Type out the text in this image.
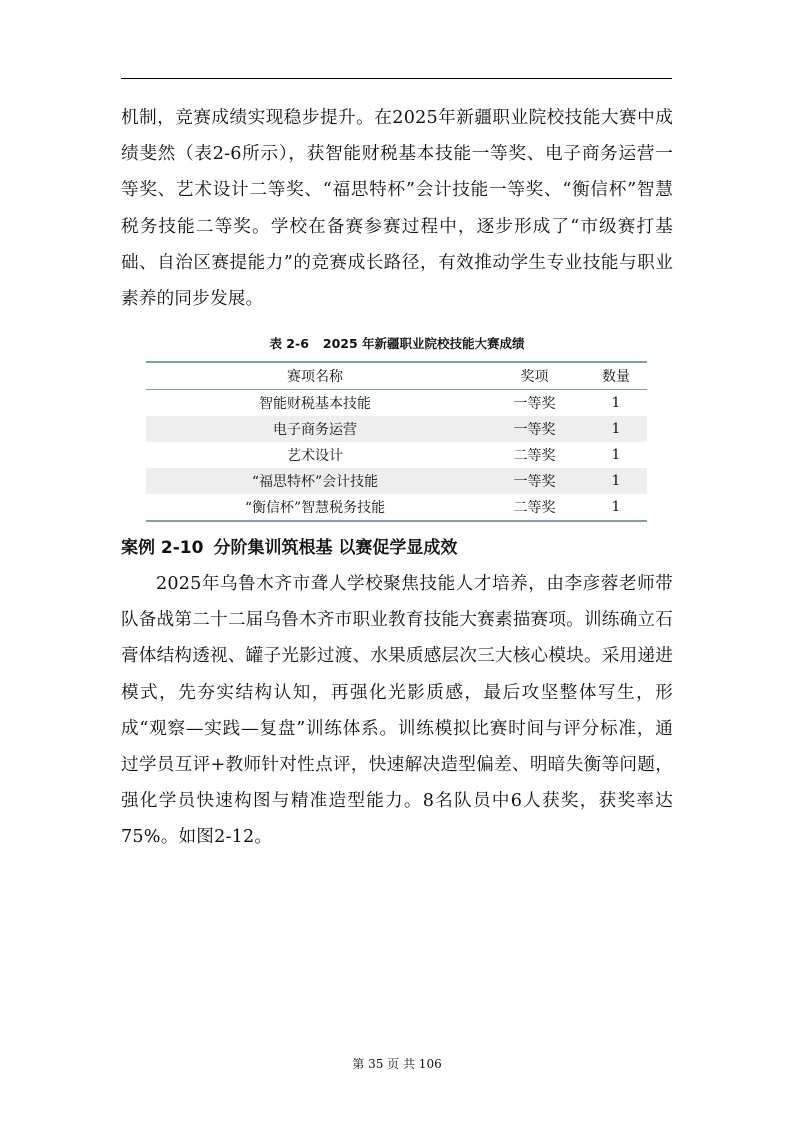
机制，竞赛成绩实现稳步提升。在2025年新疆职业院校技能大赛中成绩斐然（表2-6所示），获智能财税基本技能一等奖、电子商务运营一等奖、艺术设计二等奖、“福思特杯”会计技能一等奖、“衡信杯”智慧税务技能二等奖。学校在备赛参赛过程中，逐步形成了“市级赛打基础、自治区赛提能力”的竞赛成长路径，有效推动学生专业技能与职业素养的同步发展。

表 2-6 2025 年新疆职业院校技能大赛成绩

赛项名称	奖项	数量
智能财税基本技能	一等奖	1
电子商务运营	一等奖	1
艺术设计	二等奖	1
“福思特杯”会计技能	一等奖	1
“衡信杯”智慧税务技能	二等奖	1
案例 2-10 分阶集训筑根基 以赛促学显成效

2025年乌鲁木齐市聋人学校聚焦技能人才培养，由李彦蓉老师带队备战第二十二届乌鲁木齐市职业教育技能大赛素描赛项。训练确立石膏体结构透视、罐子光影过渡、水果质感层次三大核心模块。采用递进模式，先夯实结构认知，再强化光影质感，最后攻坚整体写生，形成“观察—实践—复盘”训练体系。训练模拟比赛时间与评分标准，通过学员互评+教师针对性点评，快速解决造型偏差、明暗失衡等问题，强化学员快速构图与精准造型能力。8名队员中6人获奖，获奖率达75%。如图2-12。

第 35 页 共 106
